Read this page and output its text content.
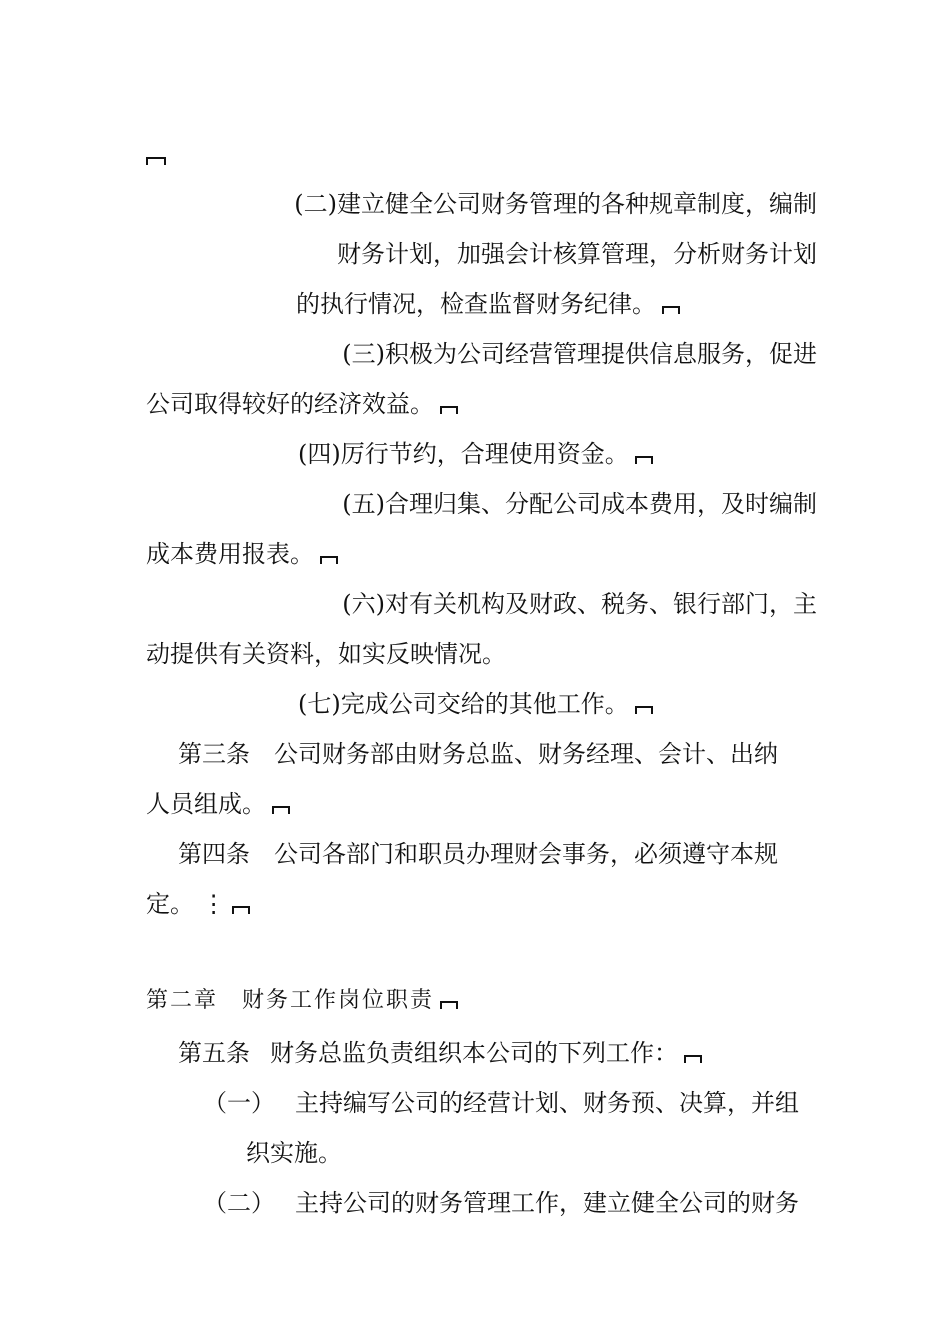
(二)建立健全公司财务管理的各种规章制度，编制
财务计划，加强会计核算管理，分析财务计划
的执行情况，检查监督财务纪律。
(三)积极为公司经营管理提供信息服务，促进
公司取得较好的经济效益。
(四)厉行节约，合理使用资金。
(五)合理归集、分配公司成本费用，及时编制
成本费用报表。
(六)对有关机构及财政、税务、银行部门，主
动提供有关资料，如实反映情况。
(七)完成公司交给的其他工作。
第三条 公司财务部由财务总监、财务经理、会计、出纳
人员组成。
第四条 公司各部门和职员办理财会事务，必须遵守本规
定。 ⋮
第二章 财务工作岗位职责
第五条 财务总监负责组织本公司的下列工作：
（一） 主持编写公司的经营计划、财务预、决算，并组
织实施。
（二） 主持公司的财务管理工作，建立健全公司的财务
